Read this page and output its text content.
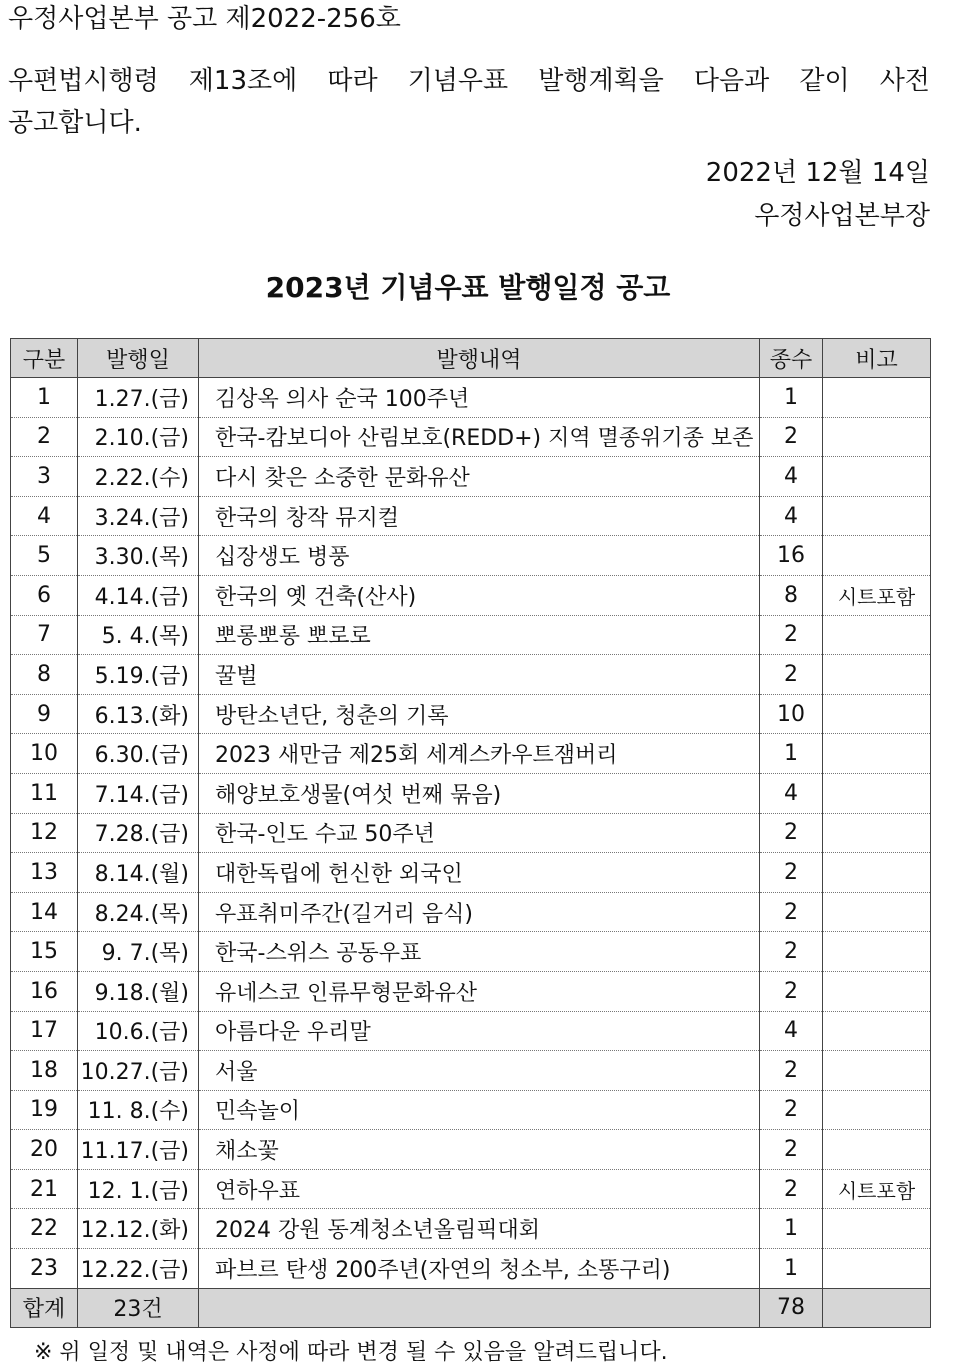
우정사업본부 공고 제2022-256호
우편법시행령 제13조에 따라 기념우표 발행계획을 다음과 같이 사전
공고합니다.
2022년 12월 14일
우정사업본부장
2023년 기념우표 발행일정 공고
구분	발행일	발행내역	종수	비고
1	1.27.(금)	김상옥 의사 순국 100주년	1	
2	2.10.(금)	한국-캄보디아 산림보호(REDD+) 지역 멸종위기종 보존	2	
3	2.22.(수)	다시 찾은 소중한 문화유산	4	
4	3.24.(금)	한국의 창작 뮤지컬	4	
5	3.30.(목)	십장생도 병풍	16	
6	4.14.(금)	한국의 옛 건축(산사)	8	시트포함
7	5. 4.(목)	뽀롱뽀롱 뽀로로	2	
8	5.19.(금)	꿀벌	2	
9	6.13.(화)	방탄소년단, 청춘의 기록	10	
10	6.30.(금)	2023 새만금 제25회 세계스카우트잼버리	1	
11	7.14.(금)	해양보호생물(여섯 번째 묶음)	4	
12	7.28.(금)	한국-인도 수교 50주년	2	
13	8.14.(월)	대한독립에 헌신한 외국인	2	
14	8.24.(목)	우표취미주간(길거리 음식)	2	
15	9. 7.(목)	한국-스위스 공동우표	2	
16	9.18.(월)	유네스코 인류무형문화유산	2	
17	10.6.(금)	아름다운 우리말	4	
18	10.27.(금)	서울	2	
19	11. 8.(수)	민속놀이	2	
20	11.17.(금)	채소꽃	2	
21	12. 1.(금)	연하우표	2	시트포함
22	12.12.(화)	2024 강원 동계청소년올림픽대회	1	
23	12.22.(금)	파브르 탄생 200주년(자연의 청소부, 소똥구리)	1	
합계	23건		78	
※ 위 일정 및 내역은 사정에 따라 변경 될 수 있음을 알려드립니다.
